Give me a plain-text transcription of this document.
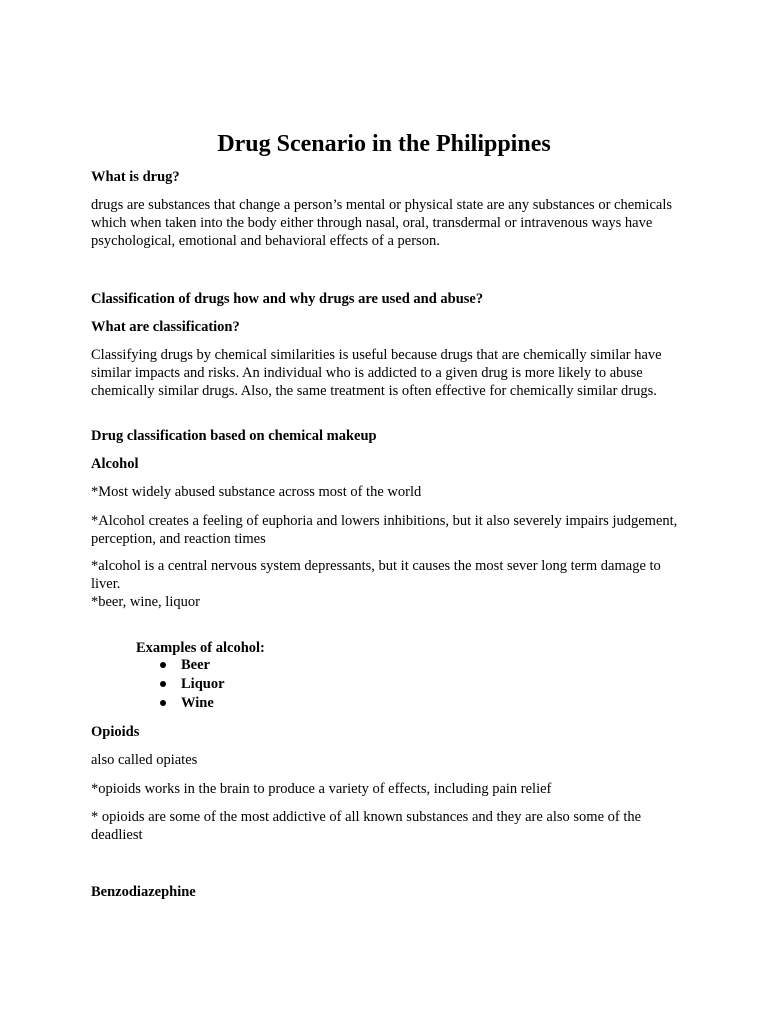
Drug Scenario in the Philippines

What is drug?

drugs are substances that change a person’s mental or physical state are any substances or chemicals which when taken into the body either through nasal, oral, transdermal or intravenous ways have psychological, emotional and behavioral effects of a person.

Classification of drugs how and why drugs are used and abuse?

What are classification?

Classifying drugs by chemical similarities is useful because drugs that are chemically similar have similar impacts and risks. An individual who is addicted to a given drug is more likely to abuse chemically similar drugs. Also, the same treatment is often effective for chemically similar drugs.

Drug classification based on chemical makeup

Alcohol

*Most widely abused substance across most of the world

*Alcohol creates a feeling of euphoria and lowers inhibitions, but it also severely impairs judgement, perception, and reaction times

*alcohol is a central nervous system depressants, but it causes the most sever long term damage to liver.

*beer, wine, liquor

Examples of alcohol:

Beer
Liquor
Wine

Opioids

also called opiates

*opioids works in the brain to produce a variety of effects, including pain relief

* opioids are some of the most addictive of all known substances and they are also some of the deadliest

Benzodiazephine
